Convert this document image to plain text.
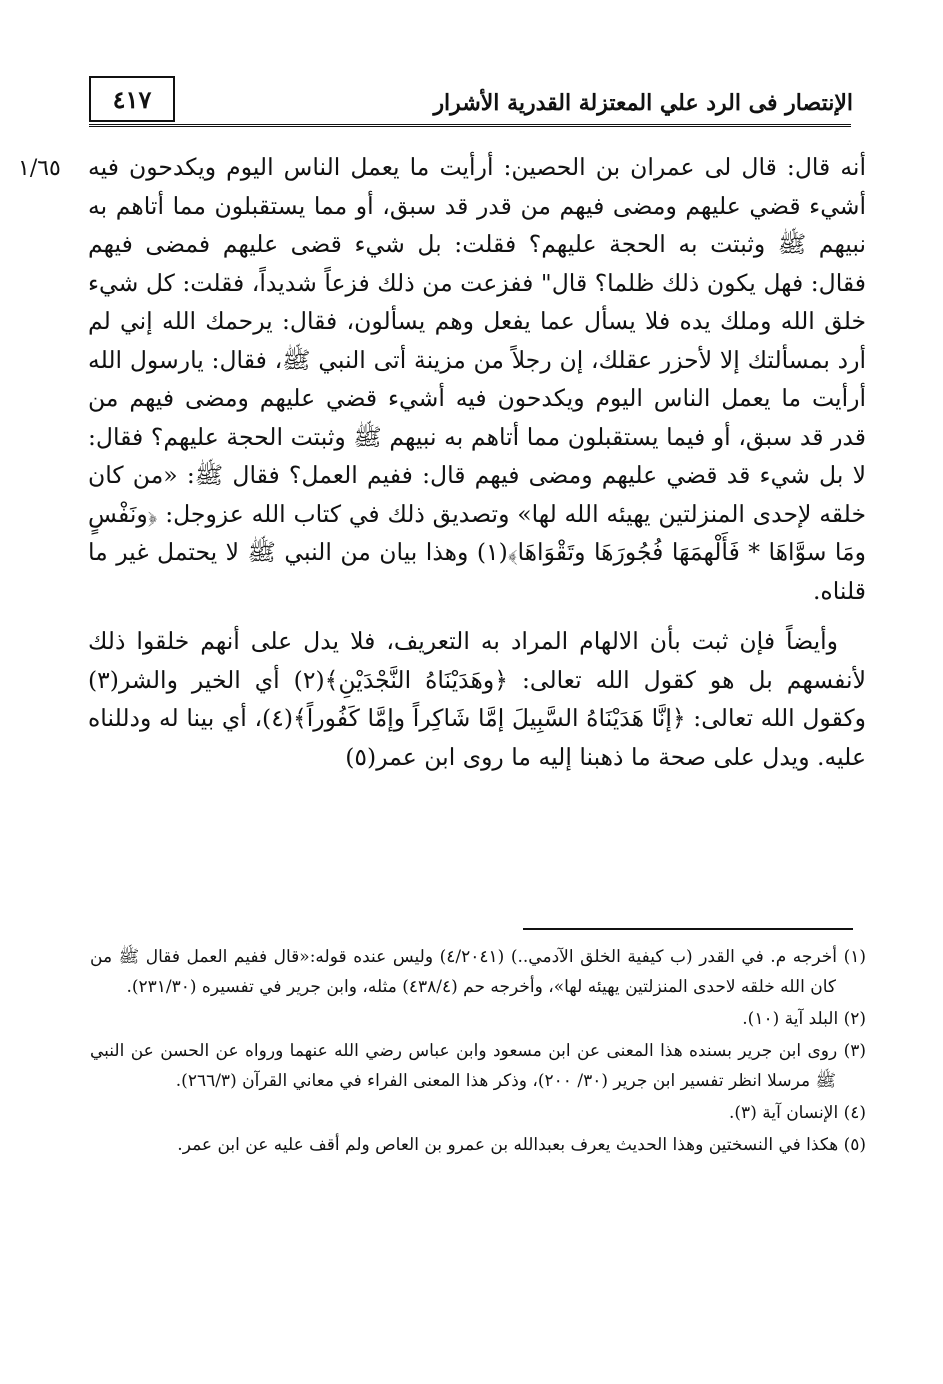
الإنتصار فى الرد علي المعتزلة القدرية الأشرار
٤١٧
١/٦٥	أنه قال: قال لى عمران بن الحصين: أرأيت ما يعمل الناس اليوم ويكدحون فيه أشيء قضي عليهم ومضى فيهم من قدر قد سبق، أو مما يستقبلون مما أتاهم به نبيهم ﷺ وثبتت به الحجة عليهم؟ فقلت: بل شيء قضى عليهم فمضى فيهم فقال: فهل يكون ذلك ظلما؟ قال" ففزعت من ذلك فزعاً شديداً، فقلت: كل شيء خلق الله وملك يده فلا يسأل عما يفعل وهم يسألون، فقال: يرحمك الله إني لم أرد بمسألتك إلا لأحزر عقلك، إن رجلاً من مزينة أتى النبي ﷺ، فقال: يارسول الله أرأيت ما يعمل الناس اليوم ويكدحون فيه أشيء قضي عليهم ومضى فيهم من قدر قد سبق، أو فيما يستقبلون مما أتاهم به نبيهم ﷺ وثبتت الحجة عليهم؟ فقال: لا بل شيء قد قضي عليهم ومضى فيهم قال: ففيم العمل؟ فقال ﷺ: «من كان خلقه لإحدى المنزلتين يهيئه الله لها» وتصديق ذلك في كتاب الله عزوجل: ﴿ونَفْسٍ ومَا سوَّاهَا * فَأَلْهمَهَا فُجُورَهَا وتَقْوَاهَا﴾(١) وهذا بيان من النبي ﷺ لا يحتمل غير ما قلناه.

وأيضاً فإن ثبت بأن الالهام المراد به التعريف، فلا يدل على أنهم خلقوا ذلك لأنفسهم بل هو كقول الله تعالى: ﴿وهَدَيْنَاهُ النَّجْدَيْنِ﴾(٢) أي الخير والشر(٣) وكقول الله تعالى: ﴿إنَّا هَدَيْنَاهُ السَّبِيلَ إمَّا شَاكِراً وإمَّا كَفُوراً﴾(٤)، أي بينا له ودللناه عليه. ويدل على صحة ما ذهبنا إليه ما روى ابن عمر(٥)

(١) أخرجه م. في القدر (ب كيفية الخلق الآدمي..) (٤/٢٠٤١) وليس عنده قوله:«قال ففيم العمل فقال ﷺ من كان الله خلقه لاحدى المنزلتين يهيئه لها»، وأخرجه حم (٤٣٨/٤) مثله، وابن جرير في تفسيره (٢٣١/٣٠).

(٢) البلد آية (١٠).

(٣) روى ابن جرير بسنده هذا المعنى عن ابن مسعود وابن عباس رضي الله عنهما ورواه عن الحسن عن النبي ﷺ مرسلا انظر تفسير ابن جرير (٣٠/ ٢٠٠)، وذكر هذا المعنى الفراء في معاني القرآن (٢٦٦/٣).

(٤) الإنسان آية (٣).

(٥) هكذا في النسختين وهذا الحديث يعرف بعبدالله بن عمرو بن العاص ولم أقف عليه عن ابن عمر.
